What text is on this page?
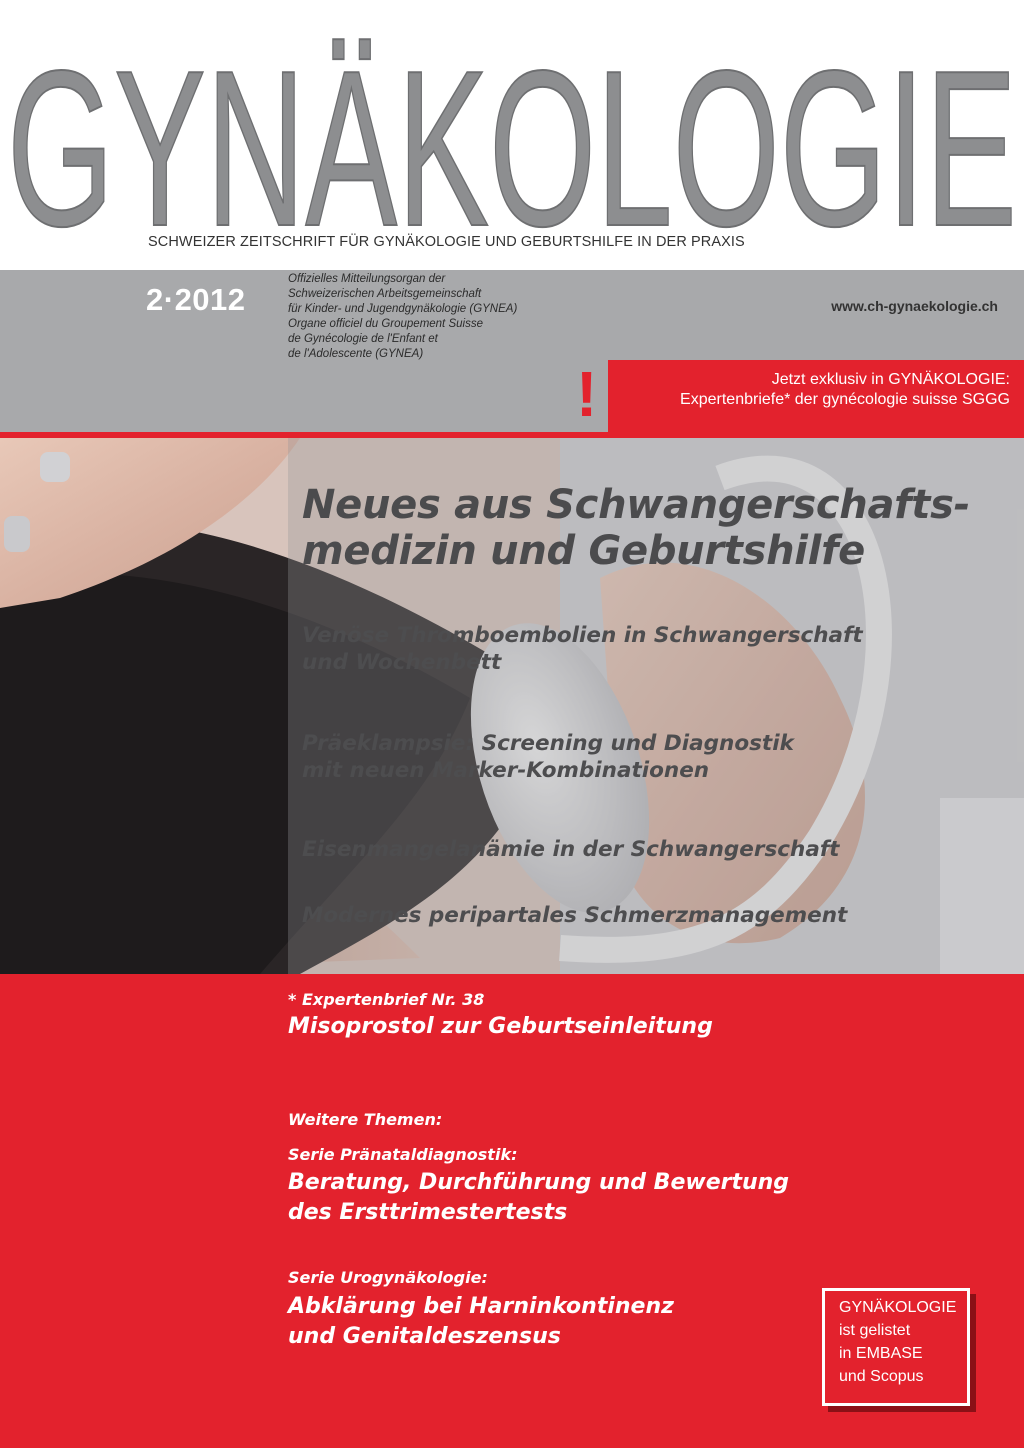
GYNÄKOLOGIE
SCHWEIZER ZEITSCHRIFT FÜR GYNÄKOLOGIE UND GEBURTSHILFE IN DER PRAXIS
2·2012
Offizielles Mitteilungsorgan der
Schweizerischen Arbeitsgemeinschaft
für Kinder- und Jugendgynäkologie (GYNEA)
Organe officiel du Groupement Suisse
de Gynécologie de l'Enfant et
de l'Adolescente (GYNEA)
www.ch-gynaekologie.ch
!	Jetzt exklusiv in GYNÄKOLOGIE:
Expertenbriefe* der gynécologie suisse SGGG
Neues aus Schwangerschafts-
medizin und Geburtshilfe
Venöse Thromboembolien in Schwangerschaft
und Wochenbett
Präeklampsie: Screening und Diagnostik
mit neuen Marker-Kombinationen
Eisenmangelanämie in der Schwangerschaft
Modernes peripartales Schmerzmanagement
* Expertenbrief Nr. 38
Misoprostol zur Geburtseinleitung
Weitere Themen:
Serie Pränataldiagnostik:
Beratung, Durchführung und Bewertung
des Ersttrimestertests
Serie Urogynäkologie:
Abklärung bei Harninkontinenz
und Genitaldeszensus
GYNÄKOLOGIE
ist gelistet
in EMBASE
und Scopus
